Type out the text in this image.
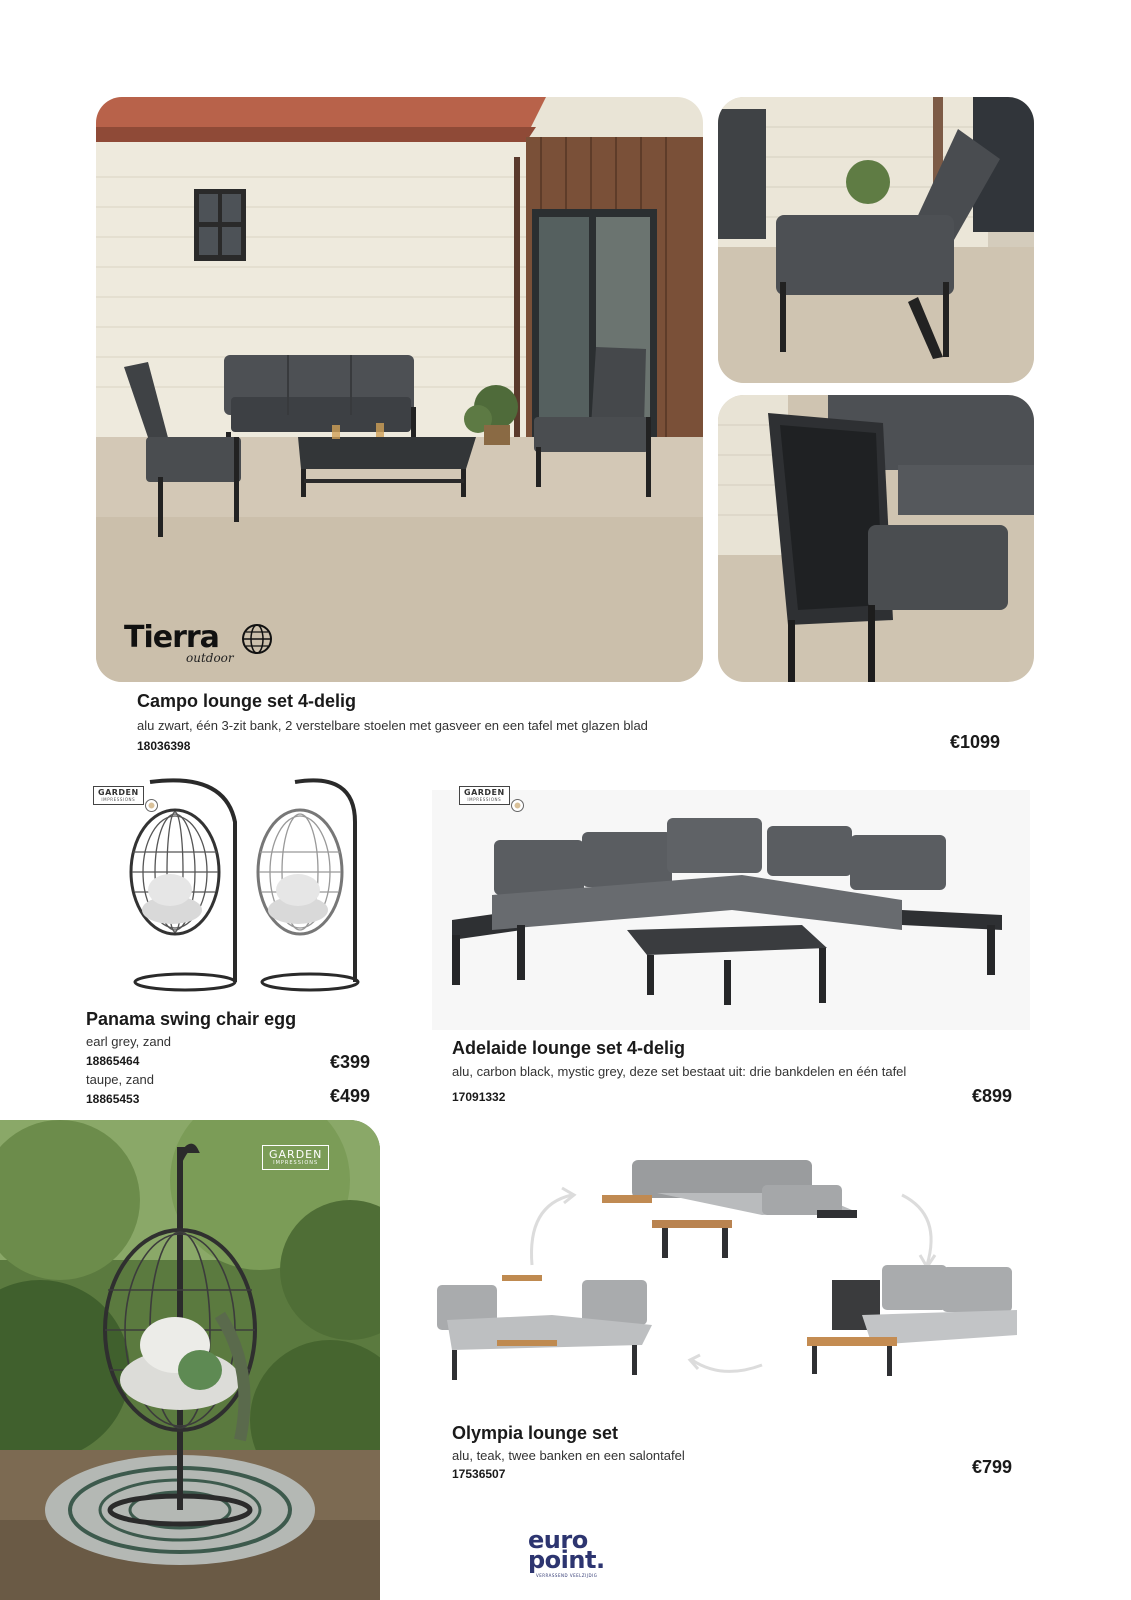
Tierra
outdoor
Campo lounge set 4-delig
alu zwart, één 3-zit bank, 2 verstelbare stoelen met gasveer en een tafel met glazen blad
18036398	€1099
GARDEN
IMPRESSIONS
Panama swing chair egg
earl grey, zand
18865464	€399
taupe, zand
18865453	€499
GARDEN
IMPRESSIONS
Adelaide lounge set 4-delig
alu, carbon black, mystic grey, deze set bestaat uit: drie bankdelen en één tafel
17091332	€899
GARDEN
IMPRESSIONS
Olympia lounge set
alu, teak, twee banken en een salontafel
17536507	€799
euro
point.
VERRASSEND VEELZIJDIG
